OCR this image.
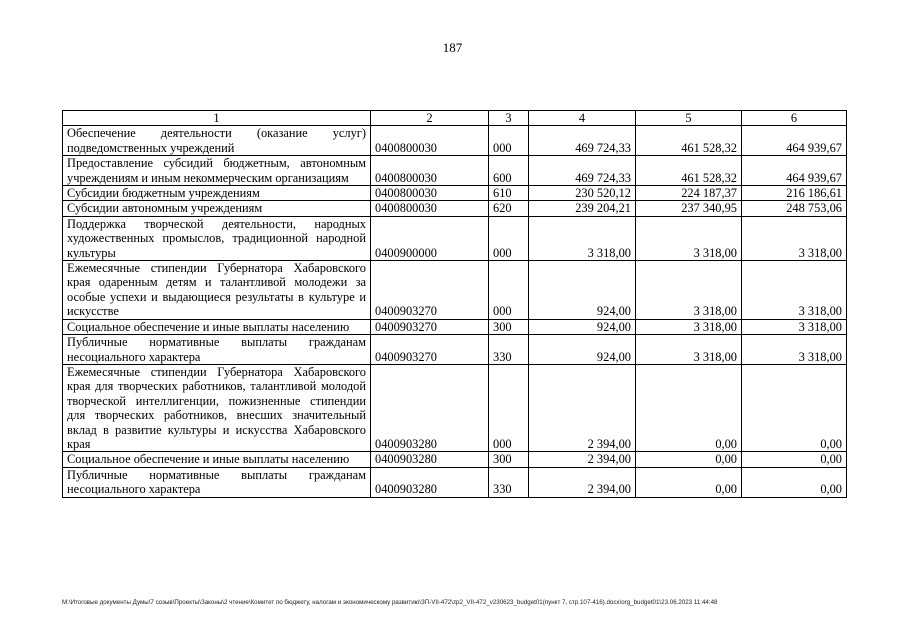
187
1	2	3	4	5	6
Обеспечение деятельности (оказание услуг) подведомственных учреждений	0400800030	000	469 724,33	461 528,32	464 939,67
Предоставление субсидий бюджетным, автономным учреждениям и иным некоммерческим организациям	0400800030	600	469 724,33	461 528,32	464 939,67
Субсидии бюджетным учреждениям	0400800030	610	230 520,12	224 187,37	216 186,61
Субсидии автономным учреждениям	0400800030	620	239 204,21	237 340,95	248 753,06
Поддержка творческой деятельности, народных художественных промыслов, традиционной народной культуры	0400900000	000	3 318,00	3 318,00	3 318,00
Ежемесячные стипендии Губернатора Хабаровского края одаренным детям и талантливой молодежи за особые успехи и выдающиеся результаты в культуре и искусстве	0400903270	000	924,00	3 318,00	3 318,00
Социальное обеспечение и иные выплаты населению	0400903270	300	924,00	3 318,00	3 318,00
Публичные нормативные выплаты гражданам несоциального характера	0400903270	330	924,00	3 318,00	3 318,00
Ежемесячные стипендии Губернатора Хабаровского края для творческих работников, талантливой молодой творческой интеллигенции, пожизненные стипендии для творческих работников, внесших значительный вклад в развитие культуры и искусства Хабаровского края	0400903280	000	2 394,00	0,00	0,00
Социальное обеспечение и иные выплаты населению	0400903280	300	2 394,00	0,00	0,00
Публичные нормативные выплаты гражданам несоциального характера	0400903280	330	2 394,00	0,00	0,00
M:\Итоговые документы Думы\7 созыв\Проекты\Законы\2 чтение\Комитет по бюджету, налогам и экономическому развитию\ЗП-VII-472\zp2_VII-472_v230623_budget01(пункт 7, стр.107-416).docx\org_budget01\23.06.2023 11:44:48
